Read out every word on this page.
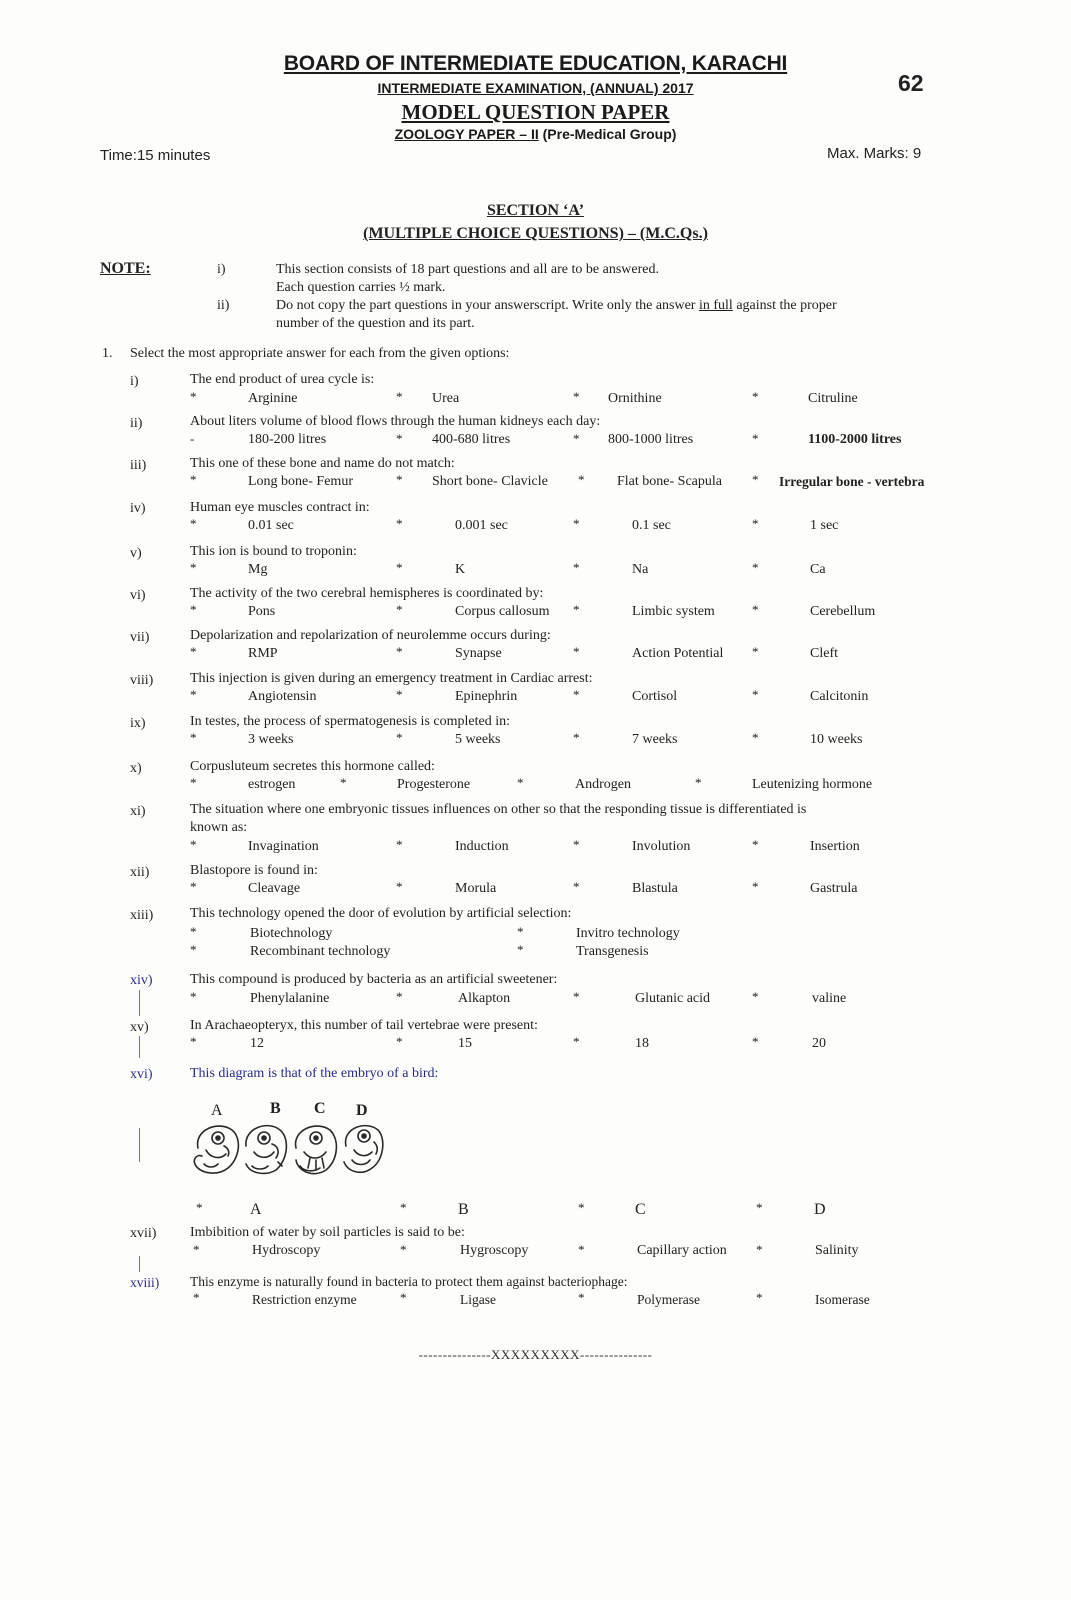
BOARD OF INTERMEDIATE EDUCATION, KARACHI
INTERMEDIATE EXAMINATION, (ANNUAL) 2017
MODEL QUESTION PAPER
ZOOLOGY PAPER – II (Pre-Medical Group)
62
Time:15 minutes	Max. Marks: 9
SECTION ‘A’
(MULTIPLE CHOICE QUESTIONS) – (M.C.Qs.)
NOTE:	i)	This section consists of 18 part questions and all are to be answered.
Each question carries ½ mark.
ii)	Do not copy the part questions in your answerscript. Write only the answer in full against the proper
number of the question and its part.
1. Select the most appropriate answer for each from the given options:
i)	The end product of urea cycle is:
*	Arginine	* Urea	* Ornithine	*	Citruline
ii)	About liters volume of blood flows through the human kidneys each day:
-	180-200 litres	* 400-680 litres	* 800-1000 litres	*	1100-2000 litres
iii)	This one of these bone and name do not match:
*	Long bone- Femur	* Short bone- Clavicle * Flat bone- Scapula * Irregular bone - vertebra
iv)	Human eye muscles contract in:
*	0.01 sec	*	0.001 sec	*	0.1 sec	*	1 sec
v)	This ion is bound to troponin:
*	Mg	*	K	*	Na	*	Ca
vi)	The activity of the two cerebral hemispheres is coordinated by:
*	Pons	*	Corpus callosum *	Limbic system	*	Cerebellum
vii)	Depolarization and repolarization of neurolemme occurs during:
*	RMP	*	Synapse	*	Action Potential *	Cleft
viii)	This injection is given during an emergency treatment in Cardiac arrest:
*	Angiotensin	*	Epinephrin	*	Cortisol	*	Calcitonin
ix)	In testes, the process of spermatogenesis is completed in:
*	3 weeks	*	5 weeks	*	7 weeks	*	10 weeks
x)	Corpusluteum secretes this hormone called:
*	estrogen	*	Progesterone	*	Androgen	*	Leutenizing hormone
xi)	The situation where one embryonic tissues influences on other so that the responding tissue is differentiated is
known as:
*	Invagination	*	Induction	*	Involution	*	Insertion
xii)	Blastopore is found in:
*	Cleavage	*	Morula	*	Blastula	*	Gastrula
xiii)	This technology opened the door of evolution by artificial selection:
*	Biotechnology	*	Invitro technology
*	Recombinant technology	*	Transgenesis
xiv)	This compound is produced by bacteria as an artificial sweetener:
*	Phenylalanine	*	Alkapton	*	Glutanic acid	*	valine
xv)	In Arachaeopteryx, this number of tail vertebrae were present:
*	12	*	15	*	18	*	20
xvi)	This diagram is that of the embryo of a bird:
A	B C D
*	A	*	B	*	C	*	D
xvii) Imbibition of water by soil particles is said to be:
*	Hydroscopy	*	Hygroscopy	*	Capillary action *	Salinity
xviii) This enzyme is naturally found in bacteria to protect them against bacteriophage:
*	Restriction enzyme	*	Ligase	*	Polymerase	*	Isomerase
---------------XXXXXXXXX---------------
